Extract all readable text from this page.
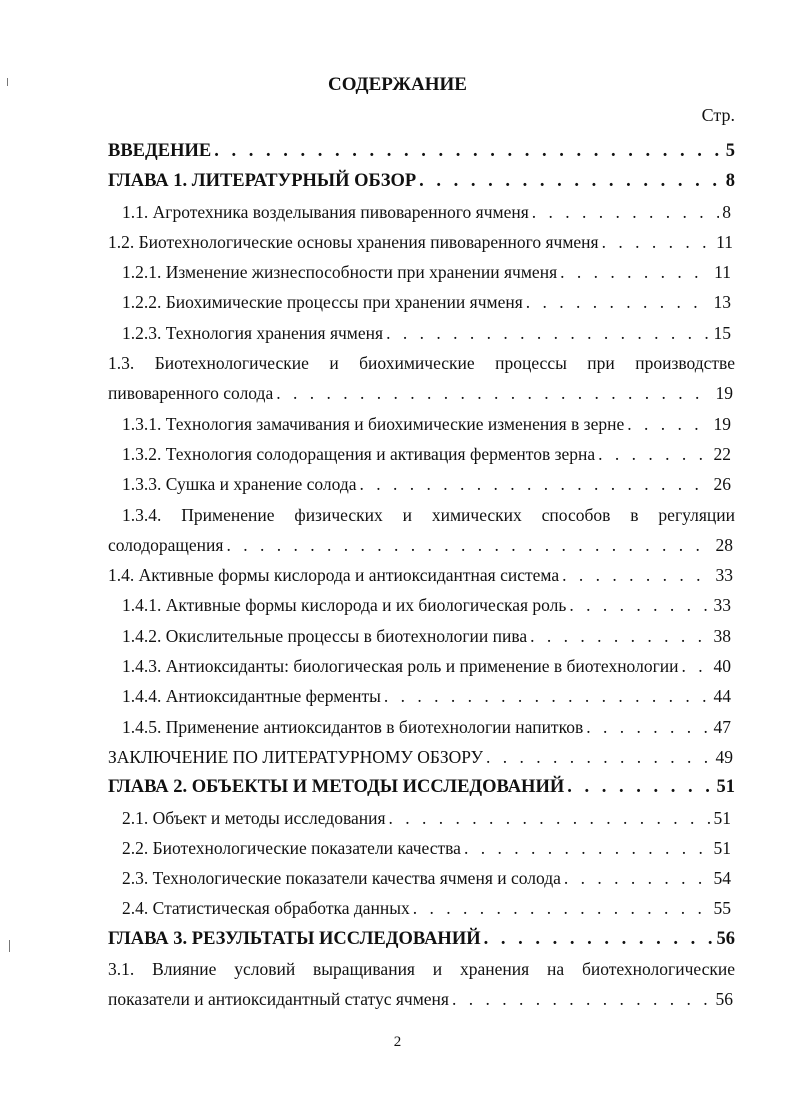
СОДЕРЖАНИЕ
Стр.
ВВЕДЕНИЕ . . .	5
ГЛАВА 1. ЛИТЕРАТУРНЫЙ ОБЗОР . . .	8
1.1. Агротехника возделывания пивоваренного ячменя . . .	8
1.2. Биотехнологические основы хранения пивоваренного ячменя . . .	11
1.2.1. Изменение жизнеспособности при хранении ячменя . . .	11
1.2.2. Биохимические процессы при хранении ячменя . . .	13
1.2.3. Технология хранения ячменя . . .	15
1.3. Биотехнологические и биохимические процессы при производстве
пивоваренного солода . . .	19
1.3.1. Технология замачивания и биохимические изменения в зерне . . .	19
1.3.2. Технология солодоращения и активация ферментов зерна . . .	22
1.3.3. Сушка и хранение солода . . .	26
1.3.4. Применение физических и химических способов в регуляции
солодоращения . . .	28
1.4. Активные формы кислорода и антиоксидантная система . . .	33
1.4.1. Активные формы кислорода и их биологическая роль . . .	33
1.4.2. Окислительные процессы в биотехнологии пива . . .	38
1.4.3. Антиоксиданты: биологическая роль и применение в биотехнологии . . . 40
1.4.4. Антиоксидантные ферменты . . .	44
1.4.5. Применение антиоксидантов в биотехнологии напитков . . .	47
ЗАКЛЮЧЕНИЕ ПО ЛИТЕРАТУРНОМУ ОБЗОРУ . . .	49
ГЛАВА 2. ОБЪЕКТЫ И МЕТОДЫ ИССЛЕДОВАНИЙ . . .	51
2.1. Объект и методы исследования . . .	51
2.2. Биотехнологические показатели качества . . .	51
2.3. Технологические показатели качества ячменя и солода . . .	54
2.4. Статистическая обработка данных . . .	55
ГЛАВА 3. РЕЗУЛЬТАТЫ ИССЛЕДОВАНИЙ . . .	56
3.1. Влияние условий выращивания и хранения на биотехнологические
показатели и антиоксидантный статус ячменя . . .	56
2
